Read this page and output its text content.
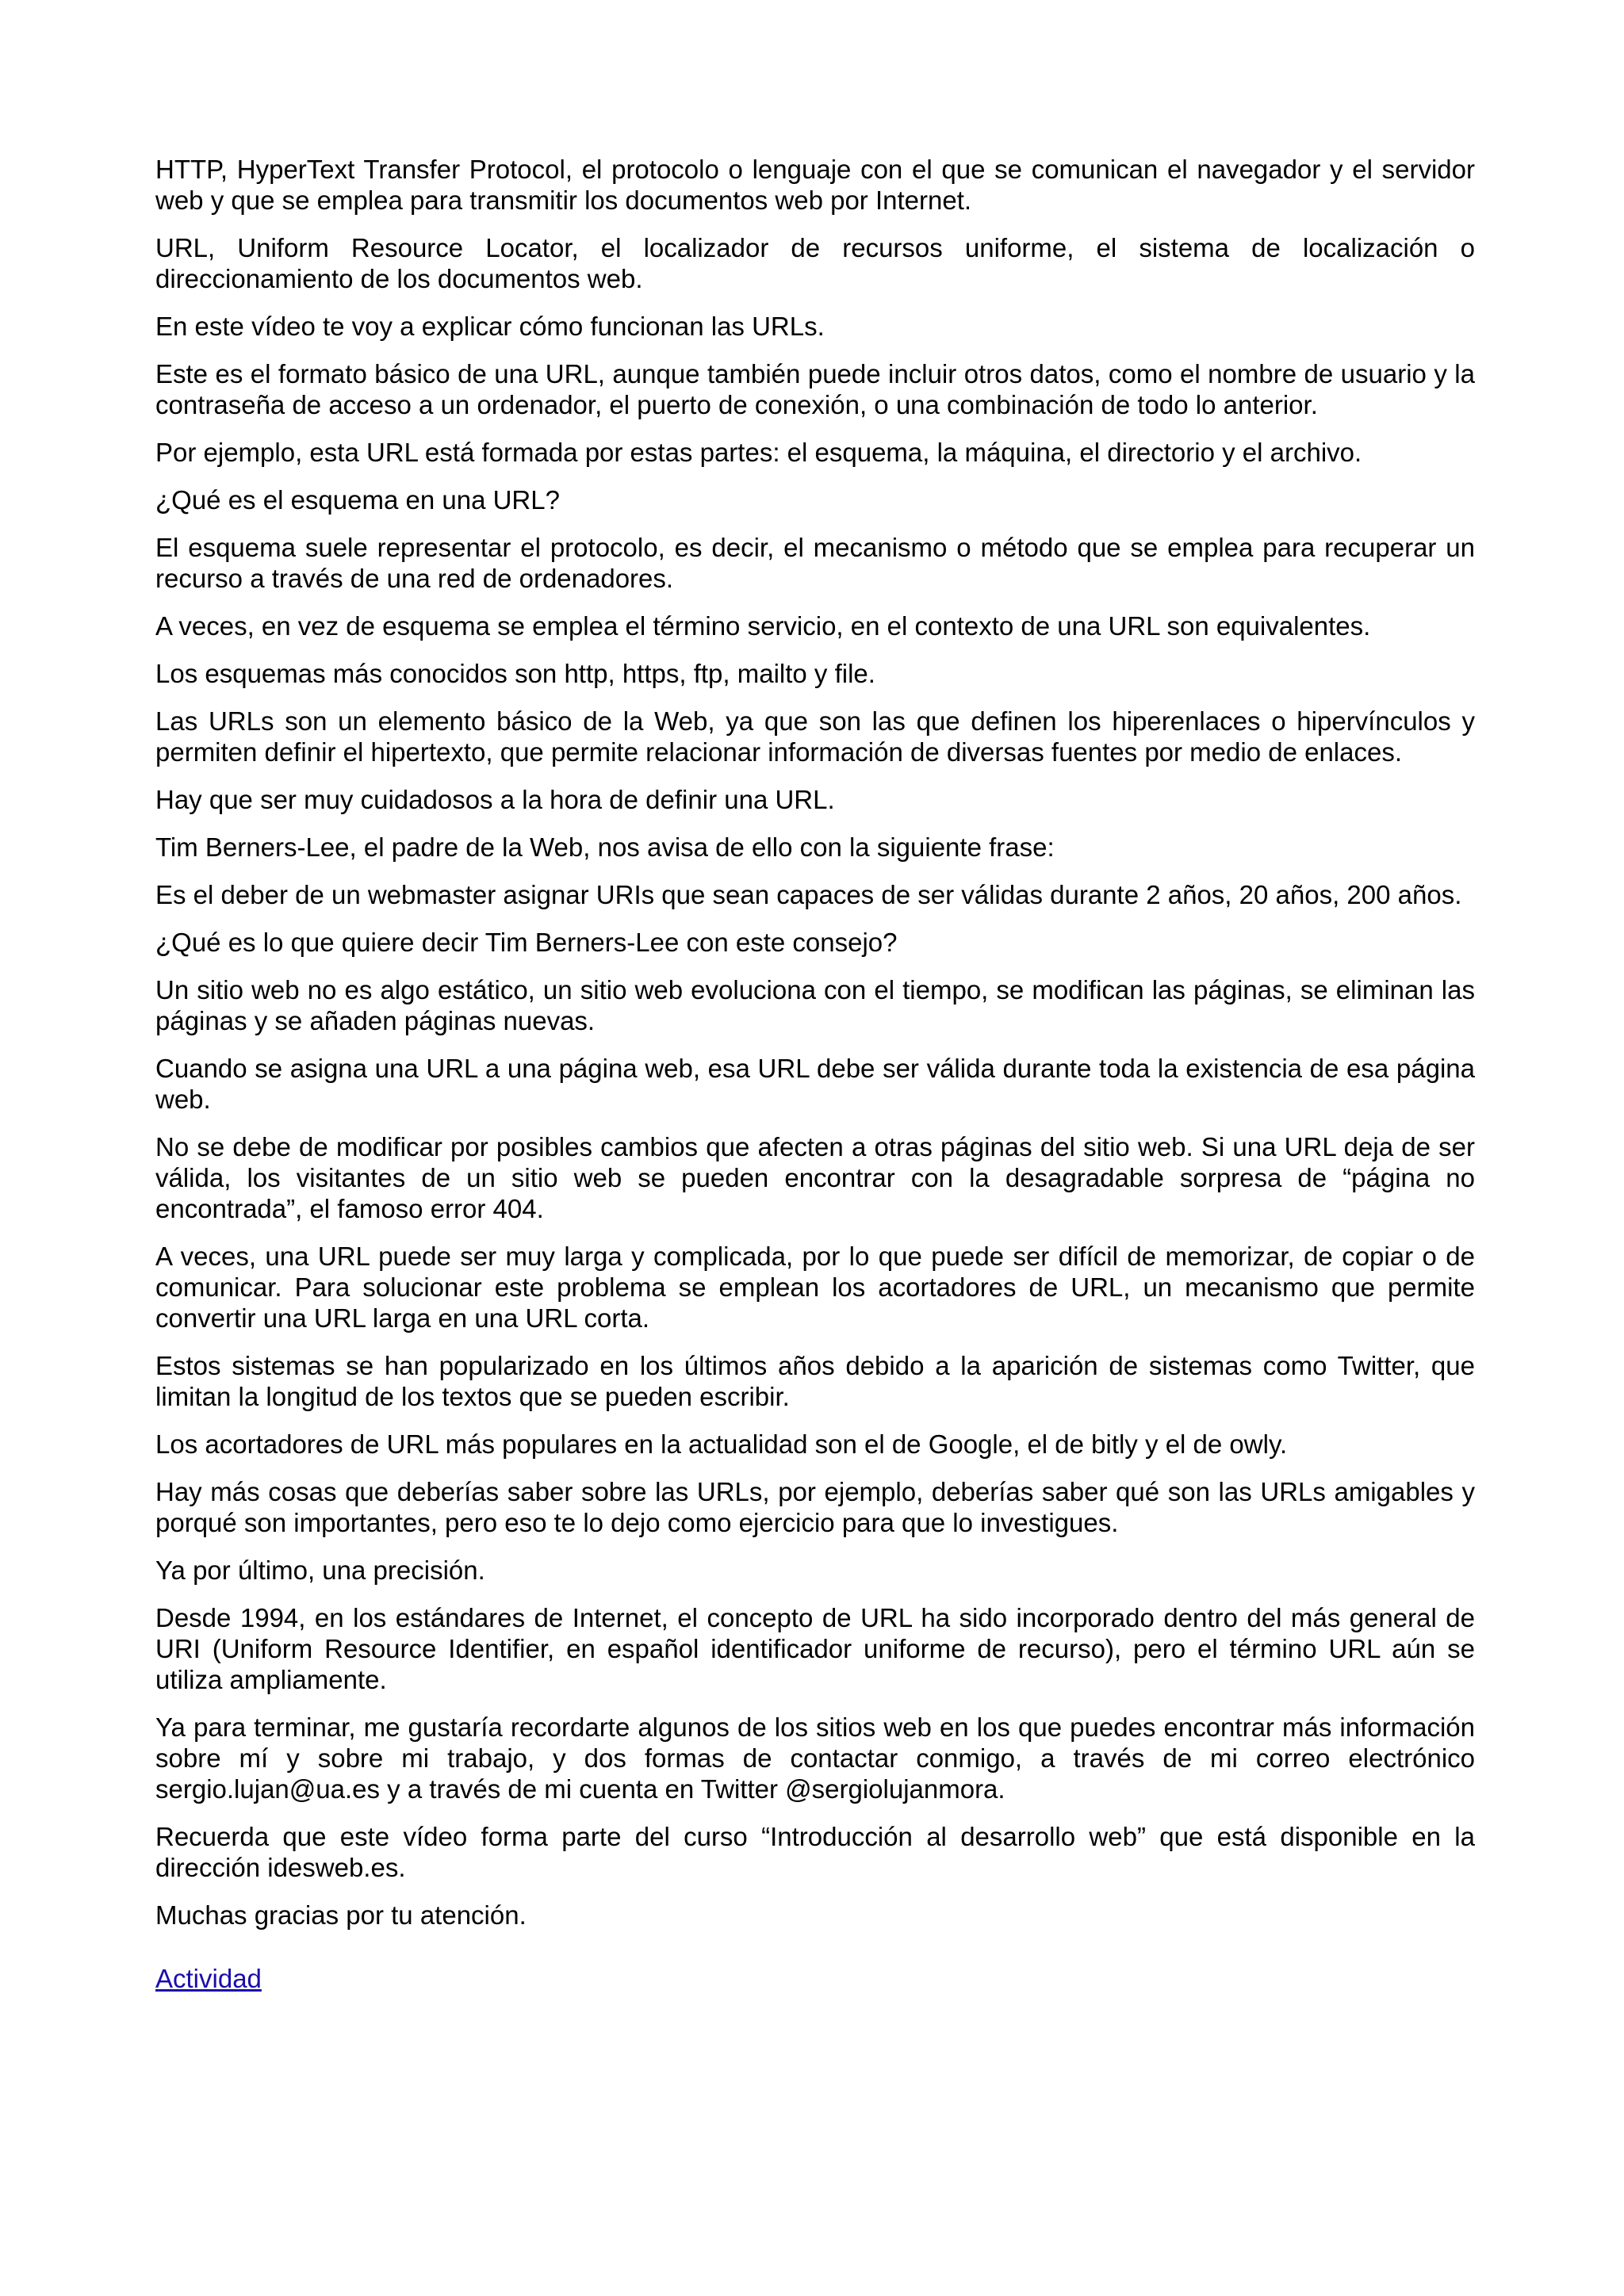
HTTP, HyperText Transfer Protocol, el protocolo o lenguaje con el que se comunican el navegador y el servidor web y que se emplea para transmitir los documentos web por Internet.

URL, Uniform Resource Locator, el localizador de recursos uniforme, el sistema de localización o direccionamiento de los documentos web.

En este vídeo te voy a explicar cómo funcionan las URLs.

Este es el formato básico de una URL, aunque también puede incluir otros datos, como el nombre de usuario y la contraseña de acceso a un ordenador, el puerto de conexión, o una combinación de todo lo anterior.

Por ejemplo, esta URL está formada por estas partes: el esquema, la máquina, el directorio y el archivo.

¿Qué es el esquema en una URL?

El esquema suele representar el protocolo, es decir, el mecanismo o método que se emplea para recuperar un recurso a través de una red de ordenadores.

A veces, en vez de esquema se emplea el término servicio, en el contexto de una URL son equivalentes.

Los esquemas más conocidos son http, https, ftp, mailto y file.

Las URLs son un elemento básico de la Web, ya que son las que definen los hiperenlaces o hipervínculos y permiten definir el hipertexto, que permite relacionar información de diversas fuentes por medio de enlaces.

Hay que ser muy cuidadosos a la hora de definir una URL.

Tim Berners-Lee, el padre de la Web, nos avisa de ello con la siguiente frase:

Es el deber de un webmaster asignar URIs que sean capaces de ser válidas durante 2 años, 20 años, 200 años.

¿Qué es lo que quiere decir Tim Berners-Lee con este consejo?

Un sitio web no es algo estático, un sitio web evoluciona con el tiempo, se modifican las páginas, se eliminan las páginas y se añaden páginas nuevas.

Cuando se asigna una URL a una página web, esa URL debe ser válida durante toda la existencia de esa página web.

No se debe de modificar por posibles cambios que afecten a otras páginas del sitio web. Si una URL deja de ser válida, los visitantes de un sitio web se pueden encontrar con la desagradable sorpresa de “página no encontrada”, el famoso error 404.

A veces, una URL puede ser muy larga y complicada, por lo que puede ser difícil de memorizar, de copiar o de comunicar. Para solucionar este problema se emplean los acortadores de URL, un mecanismo que permite convertir una URL larga en una URL corta.

Estos sistemas se han popularizado en los últimos años debido a la aparición de sistemas como Twitter, que limitan la longitud de los textos que se pueden escribir.

Los acortadores de URL más populares en la actualidad son el de Google, el de bitly y el de owly.

Hay más cosas que deberías saber sobre las URLs, por ejemplo, deberías saber qué son las URLs amigables y porqué son importantes, pero eso te lo dejo como ejercicio para que lo investigues.

Ya por último, una precisión.

Desde 1994, en los estándares de Internet, el concepto de URL ha sido incorporado dentro del más general de URI (Uniform Resource Identifier, en español identificador uniforme de recurso), pero el término URL aún se utiliza ampliamente.

Ya para terminar, me gustaría recordarte algunos de los sitios web en los que puedes encontrar más información sobre mí y sobre mi trabajo, y dos formas de contactar conmigo, a través de mi correo electrónico sergio.lujan@ua.es y a través de mi cuenta en Twitter @sergiolujanmora.

Recuerda que este vídeo forma parte del curso “Introducción al desarrollo web” que está disponible en la dirección idesweb.es.

Muchas gracias por tu atención.

Actividad
